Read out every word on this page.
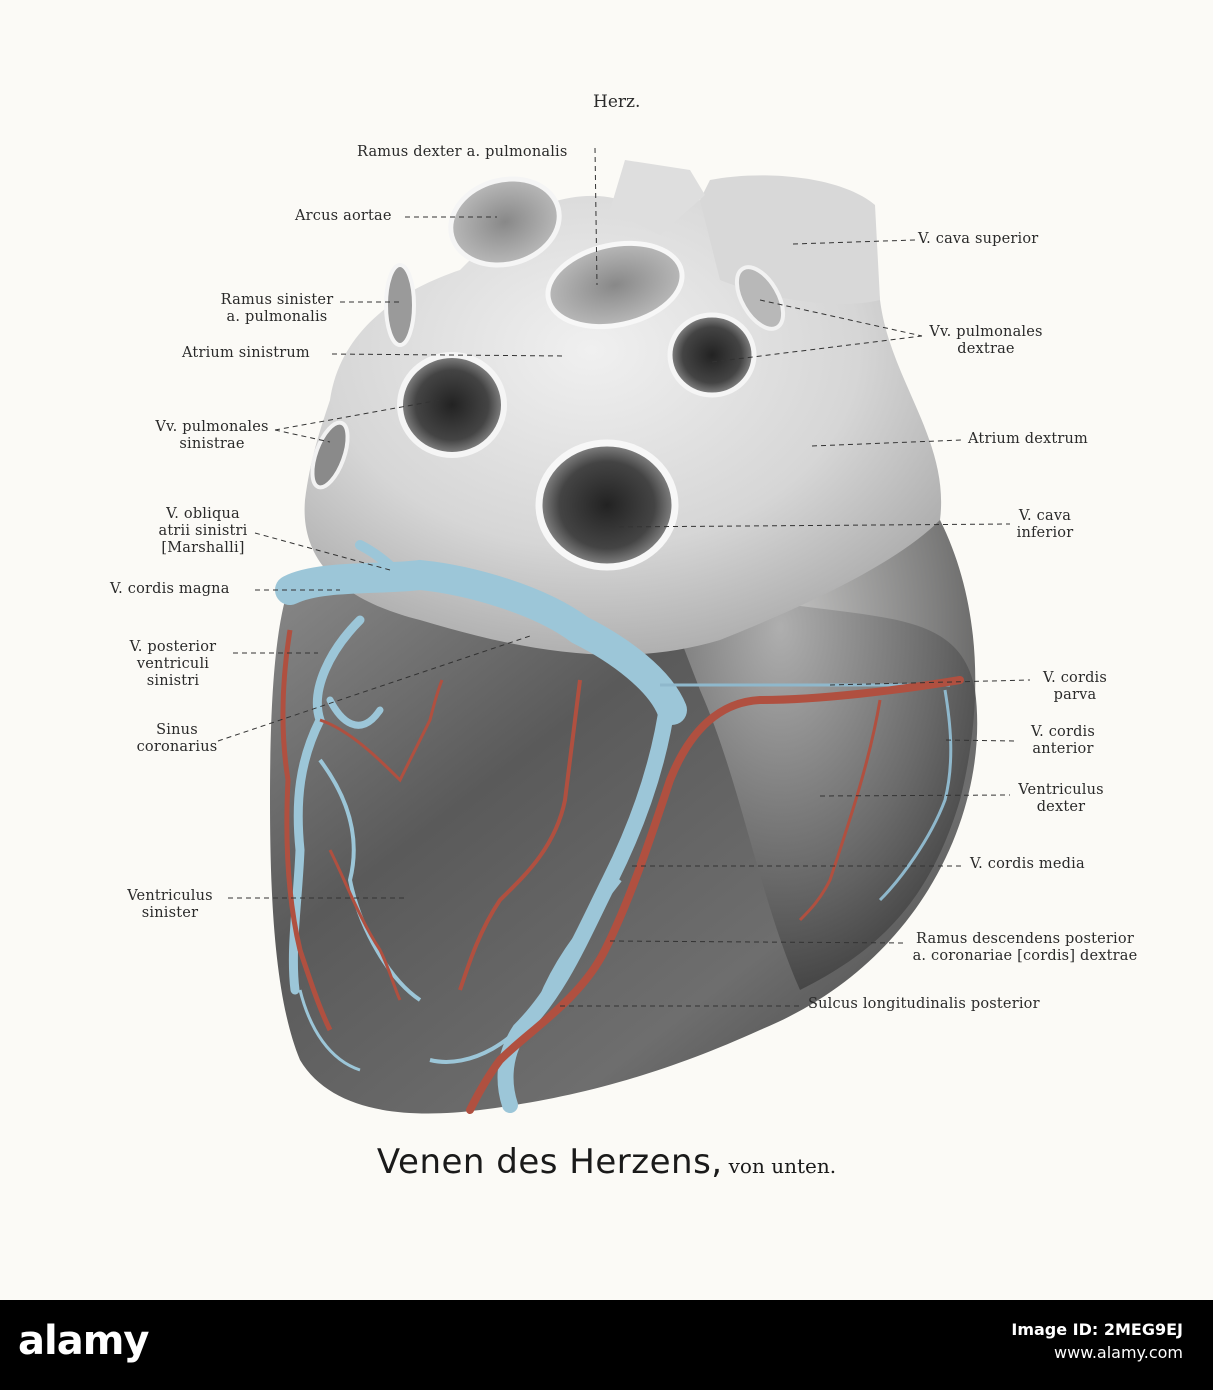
Herz.
Ramus dexter a. pulmonalis
Arcus aortae
Ramus sinister
a. pulmonalis
Atrium sinistrum
Vv. pulmonales
sinistrae
V. obliqua
atrii sinistri
[Marshalli]
V. cordis magna
V. posterior
ventriculi
sinistri
Sinus
coronarius
Ventriculus
sinister
V. cava superior
Vv. pulmonales
dextrae
Atrium dextrum
V. cava
inferior
V. cordis
parva
V. cordis
anterior
Ventriculus
dexter
V. cordis media
Ramus descendens posterior
a. coronariae [cordis] dextrae
Sulcus longitudinalis posterior
Venen des Herzens, von unten.
alamy	Image ID: 2MEG9EJ
www.alamy.com
